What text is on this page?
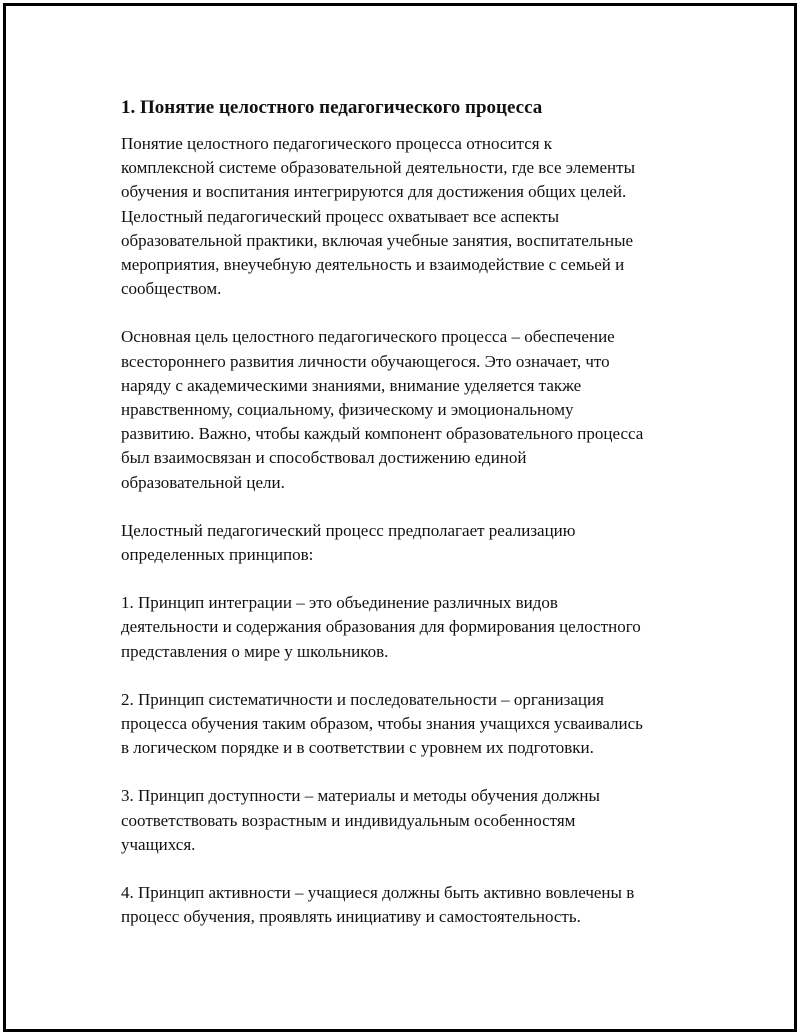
1. Понятие целостного педагогического процесса

Понятие целостного педагогического процесса относится к
комплексной системе образовательной деятельности, где все элементы
обучения и воспитания интегрируются для достижения общих целей.
Целостный педагогический процесс охватывает все аспекты
образовательной практики, включая учебные занятия, воспитательные
мероприятия, внеучебную деятельность и взаимодействие с семьей и
сообществом.

Основная цель целостного педагогического процесса – обеспечение
всестороннего развития личности обучающегося. Это означает, что
наряду с академическими знаниями, внимание уделяется также
нравственному, социальному, физическому и эмоциональному
развитию. Важно, чтобы каждый компонент образовательного процесса
был взаимосвязан и способствовал достижению единой
образовательной цели.

Целостный педагогический процесс предполагает реализацию
определенных принципов:

1. Принцип интеграции – это объединение различных видов
деятельности и содержания образования для формирования целостного
представления о мире у школьников.

2. Принцип систематичности и последовательности – организация
процесса обучения таким образом, чтобы знания учащихся усваивались
в логическом порядке и в соответствии с уровнем их подготовки.

3. Принцип доступности – материалы и методы обучения должны
соответствовать возрастным и индивидуальным особенностям
учащихся.

4. Принцип активности – учащиеся должны быть активно вовлечены в
процесс обучения, проявлять инициативу и самостоятельность.
